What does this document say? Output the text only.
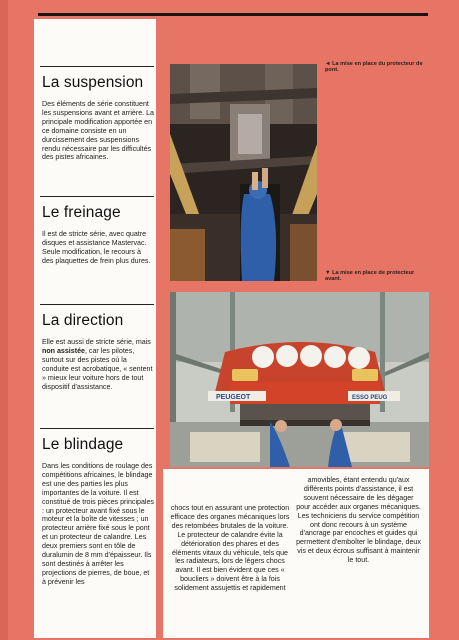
La suspension

Des éléments de série constituent les suspensions avant et arrière. La principale modification apportée en ce domaine consiste en un durcissement des suspensions rendu nécessaire par les difficultés des pistes africaines.

Le freinage

Il est de stricte série, avec quatre disques et assistance Mastervac. Seule modification, le recours à des plaquettes de frein plus dures.

La direction

Elle est aussi de stricte série, mais non assistée, car les pilotes, surtout sur des pistes où la conduite est acrobatique, « sentent » mieux leur voiture hors de tout dispositif d'assistance.

Le blindage

Dans les conditions de roulage des compétitions africaines, le blindage est une des parties les plus importantes de la voiture. Il est constitué de trois pièces principales : un protecteur avant fixé sous le moteur et la boîte de vitesses ; un protecteur arrière fixé sous le pont et un protecteur de calandre. Les deux premiers sont en tôle de duralumin de 8 mm d'épaisseur. Ils sont destinés à arrêter les projections de pierres, de boue, et à prévenir les

◄ La mise en place du protecteur de pont.
▼ La mise en place de protecteur avant.
PEUGEOT	ESSO PEUG
chocs tout en assurant une protection efficace des organes mécaniques lors des retombées brutales de la voiture. Le protecteur de calandre évite la détérioration des phares et des éléments vitaux du véhicule, tels que les radiateurs, lors de légers chocs avant. Il est bien évident que ces « boucliers » doivent être à la fois solidement assujettis et rapidement
amovibles, étant entendu qu'aux différents points d'assistance, il est souvent nécessaire de les dégager pour accéder aux organes mécaniques. Les techniciens du service compétition ont donc recours à un système d'ancrage par encoches et guides qui permettent d'emboîter le blindage, deux vis et deux écrous suffisant à maintenir le tout.
